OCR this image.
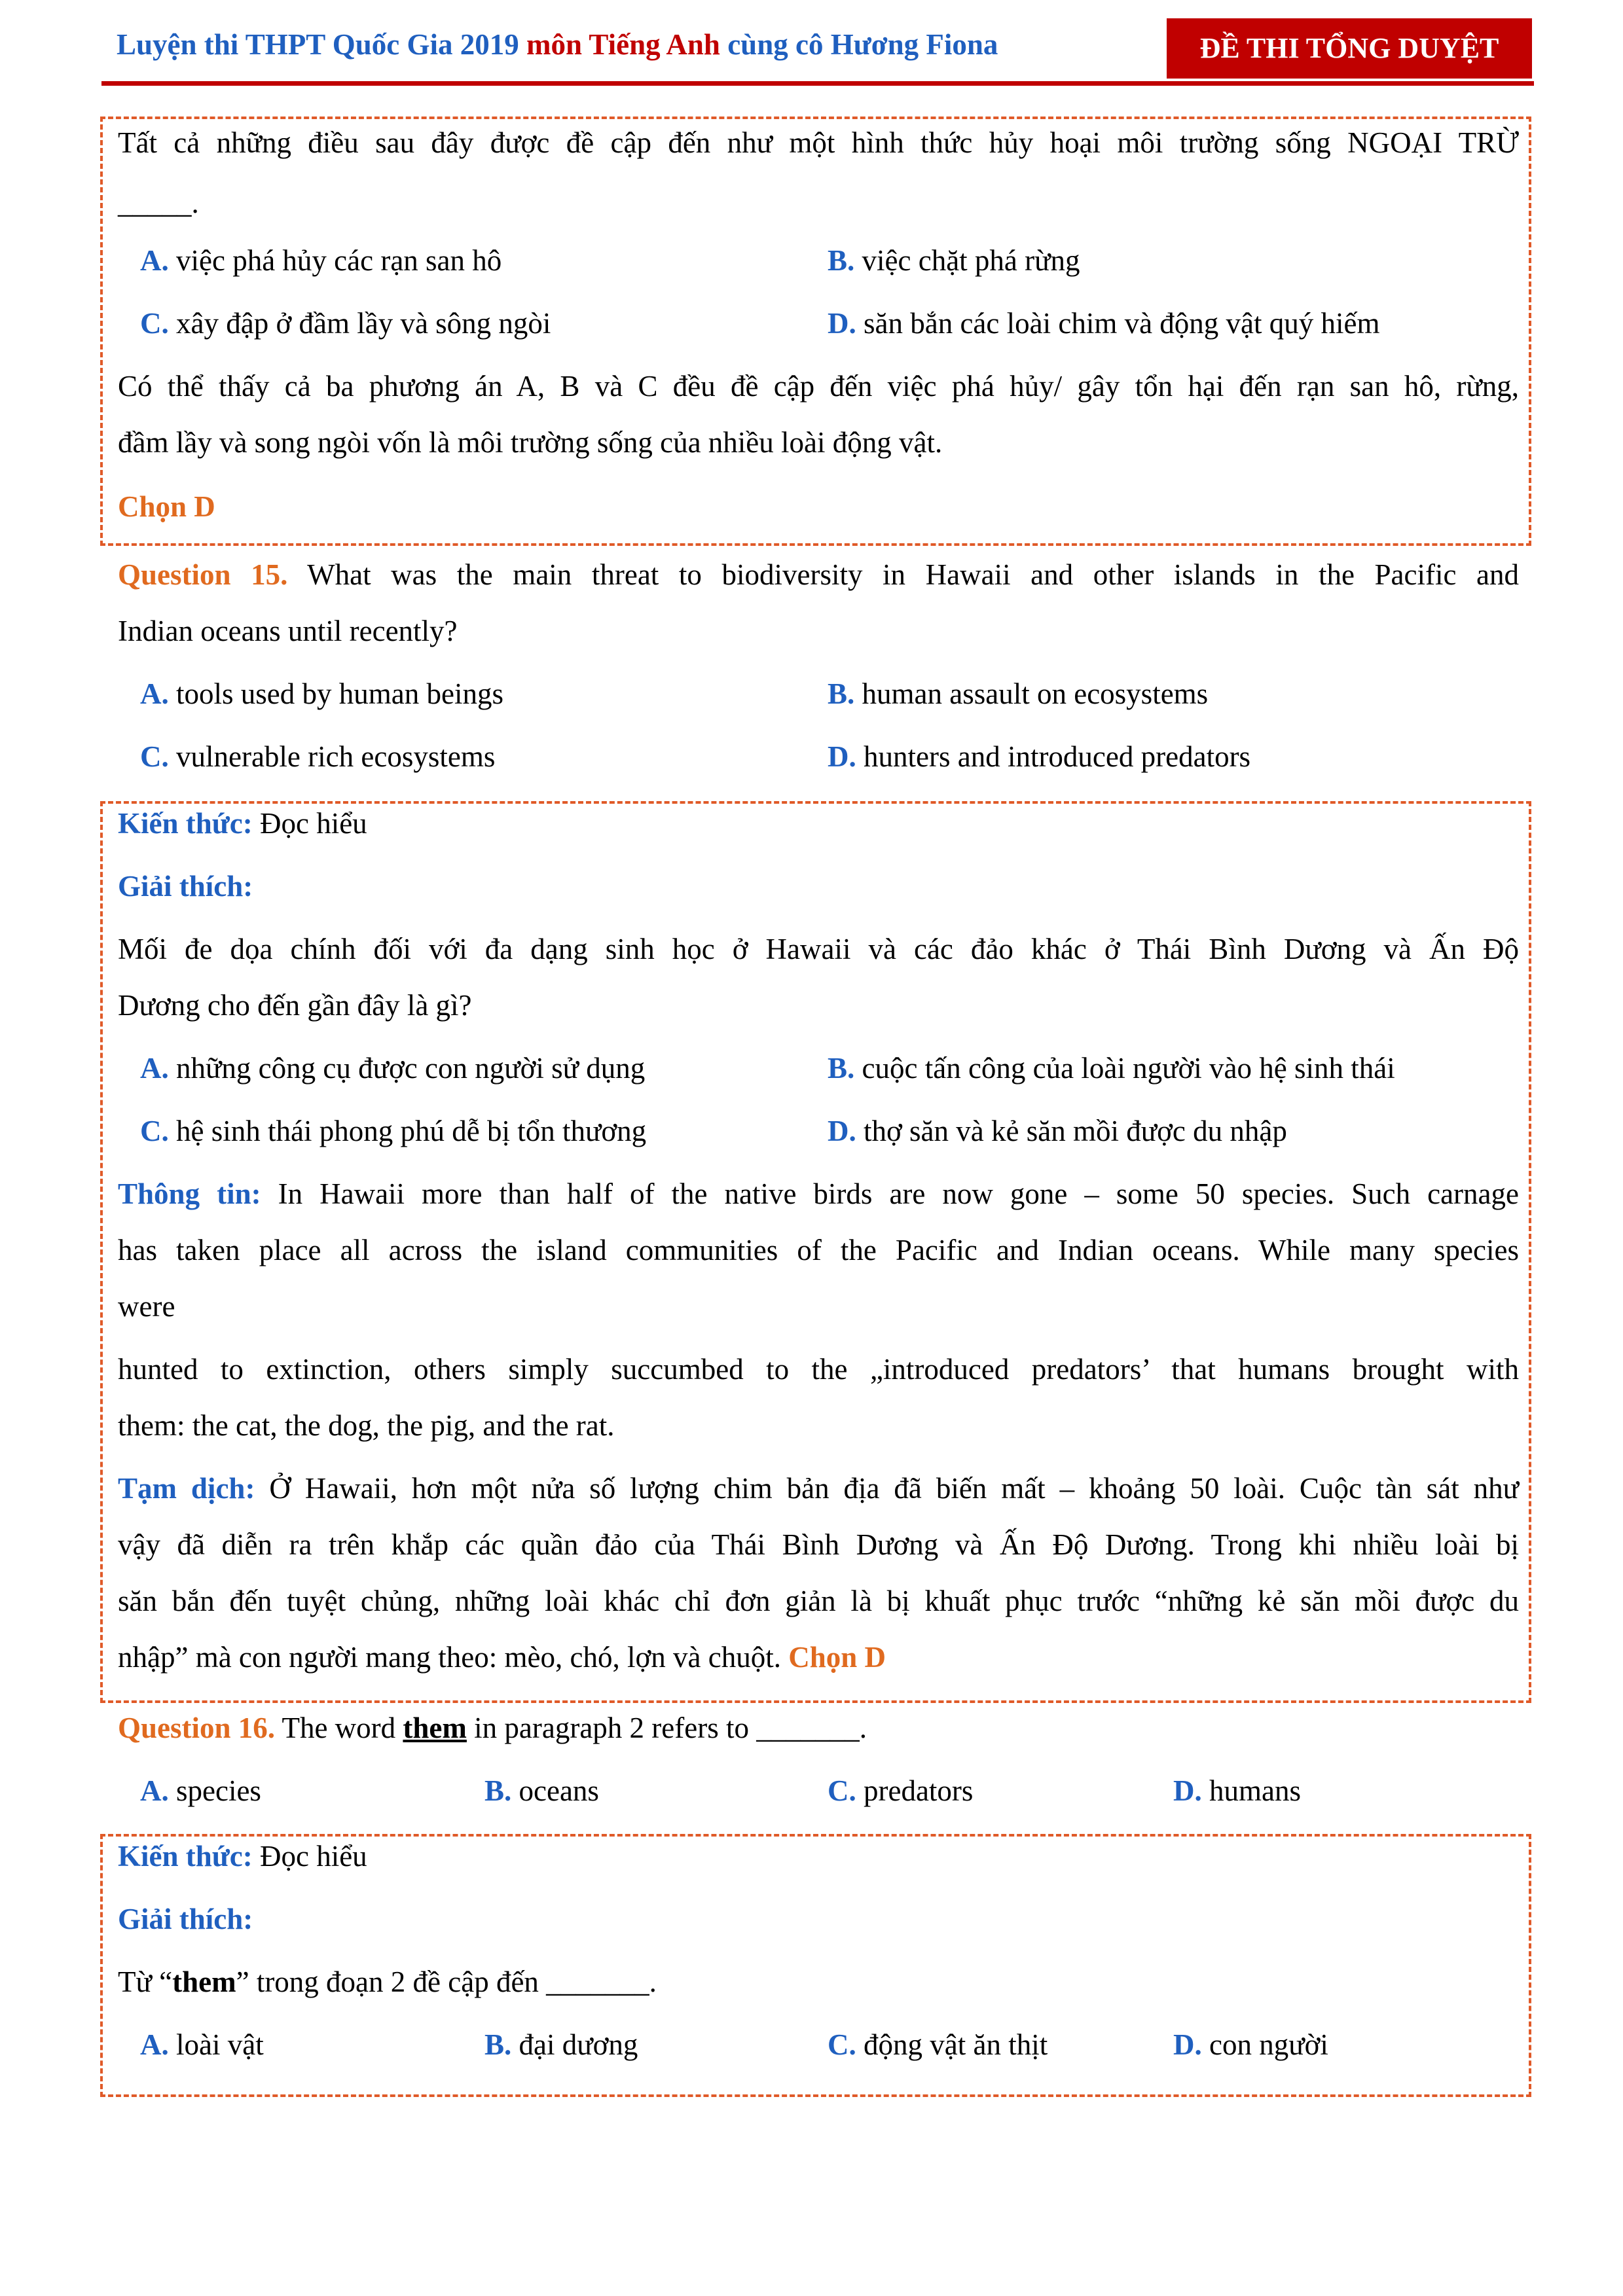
Luyện thi THPT Quốc Gia 2019 môn Tiếng Anh cùng cô Hương Fiona	ĐỀ THI TỔNG DUYỆT
Tất cả những điều sau đây được đề cập đến như một hình thức hủy hoại môi trường sống NGOẠI TRỪ
_____.
A. việc phá hủy các rạn san hô	B. việc chặt phá rừng
C. xây đập ở đầm lầy và sông ngòi	D. săn bắn các loài chim và động vật quý hiếm
Có thể thấy cả ba phương án A, B và C đều đề cập đến việc phá hủy/ gây tổn hại đến rạn san hô, rừng,
đầm lầy và song ngòi vốn là môi trường sống của nhiều loài động vật.
Chọn D
Question 15. What was the main threat to biodiversity in Hawaii and other islands in the Pacific and
Indian oceans until recently?
A. tools used by human beings	B. human assault on ecosystems
C. vulnerable rich ecosystems	D. hunters and introduced predators
Kiến thức: Đọc hiểu
Giải thích:
Mối đe dọa chính đối với đa dạng sinh học ở Hawaii và các đảo khác ở Thái Bình Dương và Ấn Độ
Dương cho đến gần đây là gì?
A. những công cụ được con người sử dụng	B. cuộc tấn công của loài người vào hệ sinh thái
C. hệ sinh thái phong phú dễ bị tổn thương	D. thợ săn và kẻ săn mồi được du nhập
Thông tin: In Hawaii more than half of the native birds are now gone – some 50 species. Such carnage
has taken place all across the island communities of the Pacific and Indian oceans. While many species
were
hunted to extinction, others simply succumbed to the „introduced predators’ that humans brought with
them: the cat, the dog, the pig, and the rat.
Tạm dịch: Ở Hawaii, hơn một nửa số lượng chim bản địa đã biến mất – khoảng 50 loài. Cuộc tàn sát như
vậy đã diễn ra trên khắp các quần đảo của Thái Bình Dương và Ấn Độ Dương. Trong khi nhiều loài bị
săn bắn đến tuyệt chủng, những loài khác chỉ đơn giản là bị khuất phục trước “những kẻ săn mồi được du
nhập” mà con người mang theo: mèo, chó, lợn và chuột. Chọn D
Question 16. The word them in paragraph 2 refers to _______.
A. species	B. oceans	C. predators	D. humans
Kiến thức: Đọc hiểu
Giải thích:
Từ “them” trong đoạn 2 đề cập đến _______.
A. loài vật	B. đại dương	C. động vật ăn thịt	D. con người
